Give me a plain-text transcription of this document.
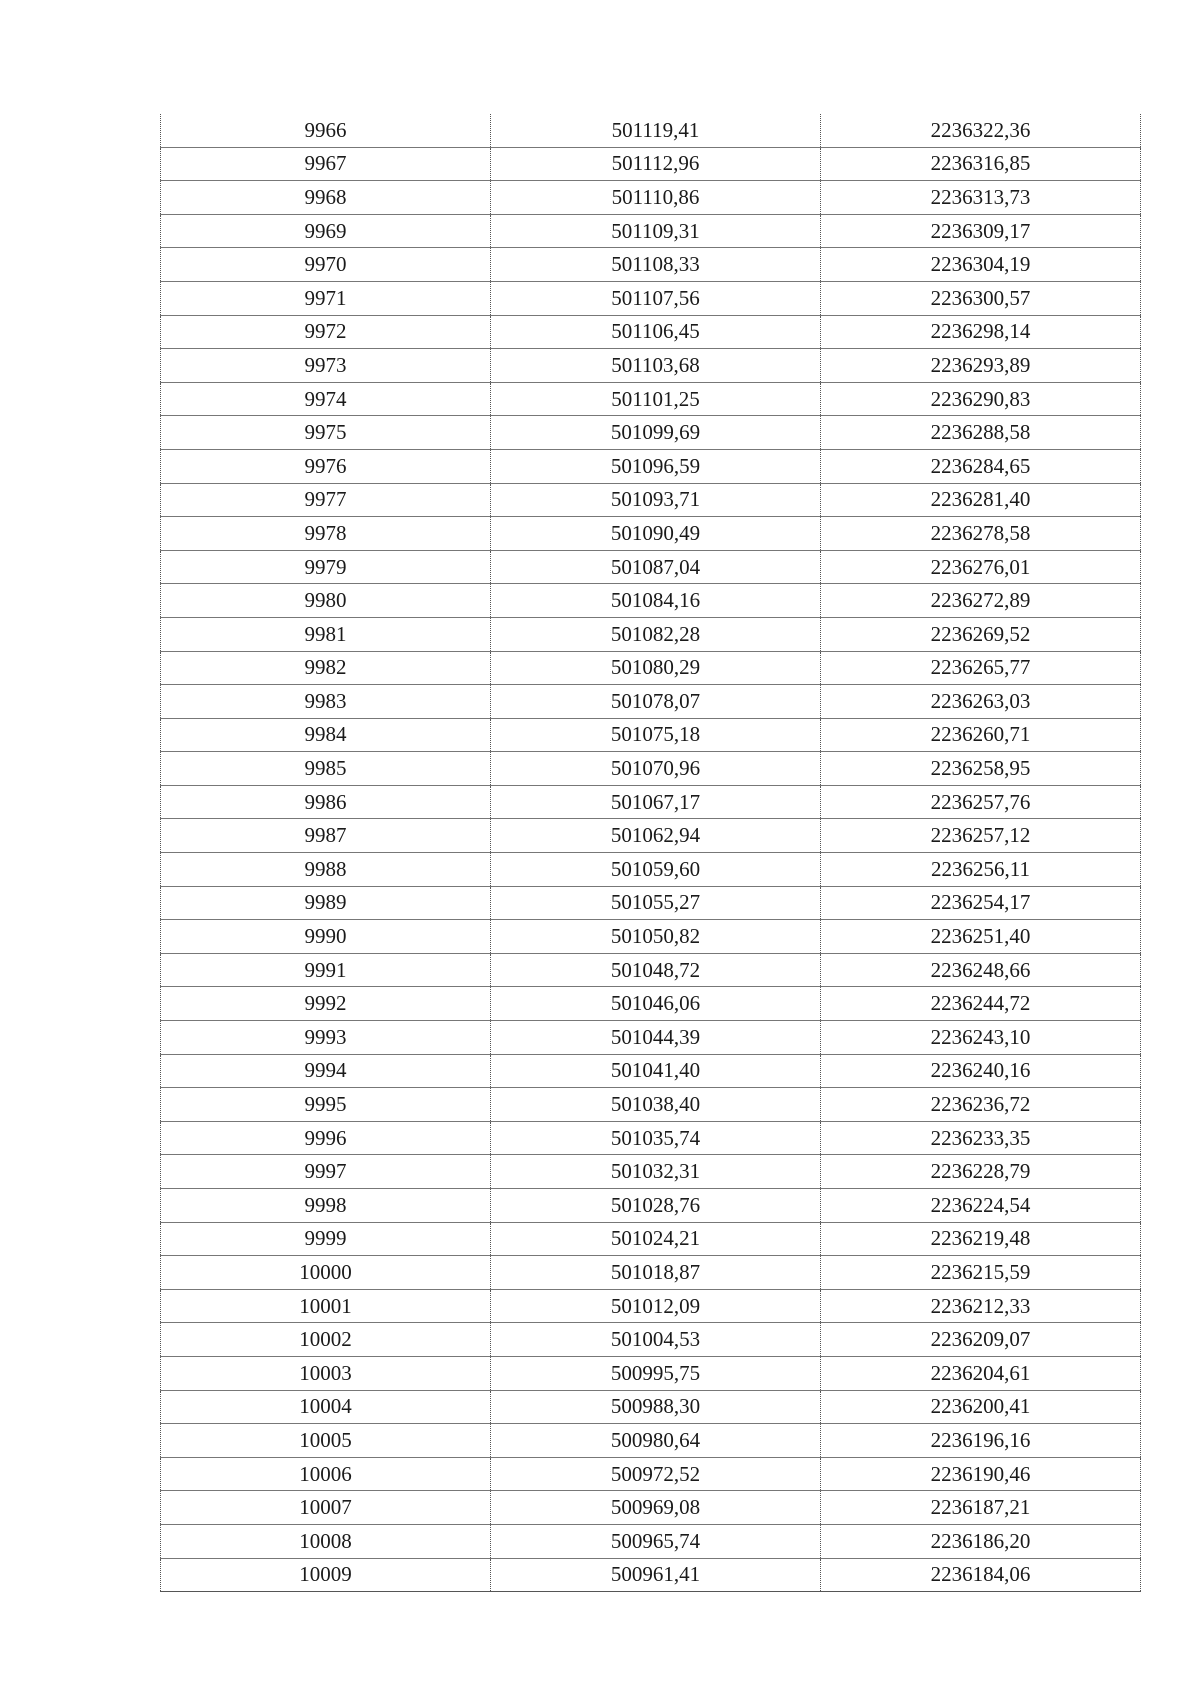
9966	501119,41	2236322,36
9967	501112,96	2236316,85
9968	501110,86	2236313,73
9969	501109,31	2236309,17
9970	501108,33	2236304,19
9971	501107,56	2236300,57
9972	501106,45	2236298,14
9973	501103,68	2236293,89
9974	501101,25	2236290,83
9975	501099,69	2236288,58
9976	501096,59	2236284,65
9977	501093,71	2236281,40
9978	501090,49	2236278,58
9979	501087,04	2236276,01
9980	501084,16	2236272,89
9981	501082,28	2236269,52
9982	501080,29	2236265,77
9983	501078,07	2236263,03
9984	501075,18	2236260,71
9985	501070,96	2236258,95
9986	501067,17	2236257,76
9987	501062,94	2236257,12
9988	501059,60	2236256,11
9989	501055,27	2236254,17
9990	501050,82	2236251,40
9991	501048,72	2236248,66
9992	501046,06	2236244,72
9993	501044,39	2236243,10
9994	501041,40	2236240,16
9995	501038,40	2236236,72
9996	501035,74	2236233,35
9997	501032,31	2236228,79
9998	501028,76	2236224,54
9999	501024,21	2236219,48
10000	501018,87	2236215,59
10001	501012,09	2236212,33
10002	501004,53	2236209,07
10003	500995,75	2236204,61
10004	500988,30	2236200,41
10005	500980,64	2236196,16
10006	500972,52	2236190,46
10007	500969,08	2236187,21
10008	500965,74	2236186,20
10009	500961,41	2236184,06
